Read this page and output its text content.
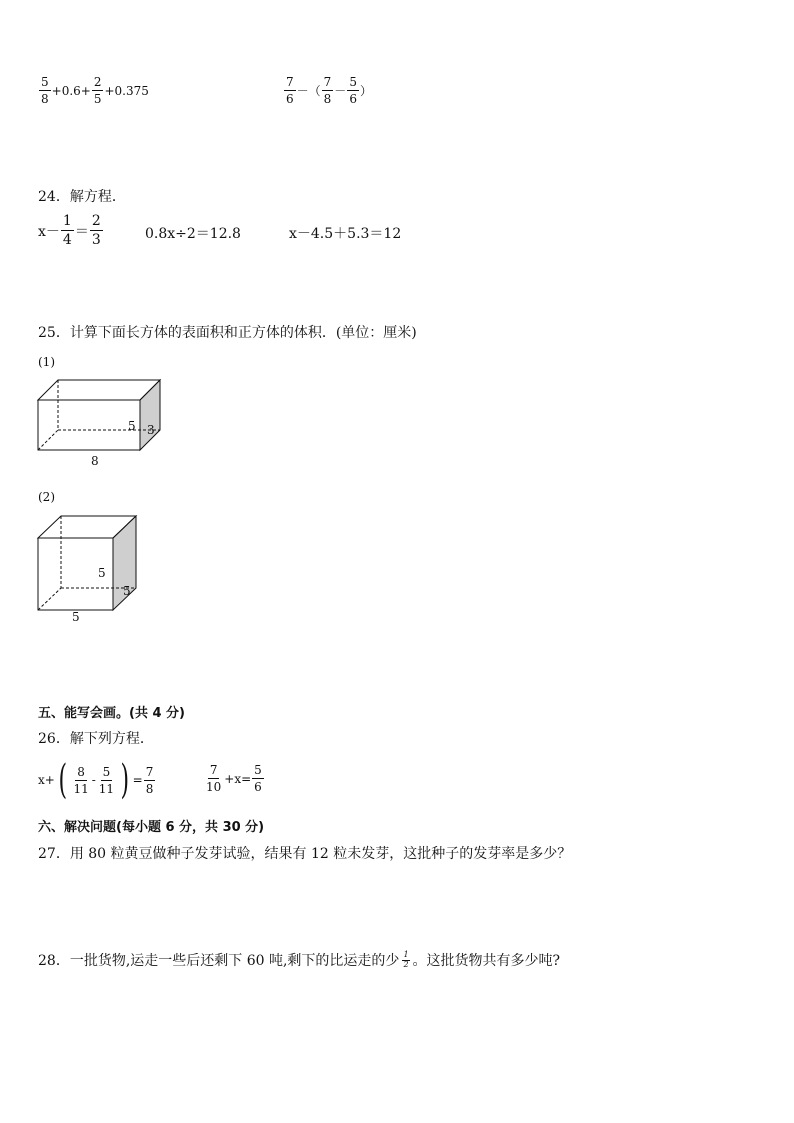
$\frac{5}{8} +0.6+ \frac{2}{5} +0.375$	$\frac{7}{6}$ －（ $\frac{7}{8} - \frac{5}{6}$ ）
24．解方程．
$x- \frac{1}{4} = \frac{2}{3}$	0.8x÷2＝12.8	x－4.5＋5.3＝12
25．计算下面长方体的表面积和正方体的体积．(单位：厘米)
(1)
5 3
8
(2)
5
5
5
五、能写会画。(共 4 分)
26．解下列方程．
x+ ( $\frac{8}{11} - \frac{5}{11}$ ) = $\frac{7}{8}$	$\frac{7}{10} +x= \frac{5}{6}$
六、解决问题(每小题 6 分，共 30 分)
27．用 80 粒黄豆做种子发芽试验，结果有 12 粒未发芽，这批种子的发芽率是多少？
28．一批货物,运走一些后还剩下 60 吨,剩下的比运走的少 $\frac{1}{2}$ 。这批货物共有多少吨?
